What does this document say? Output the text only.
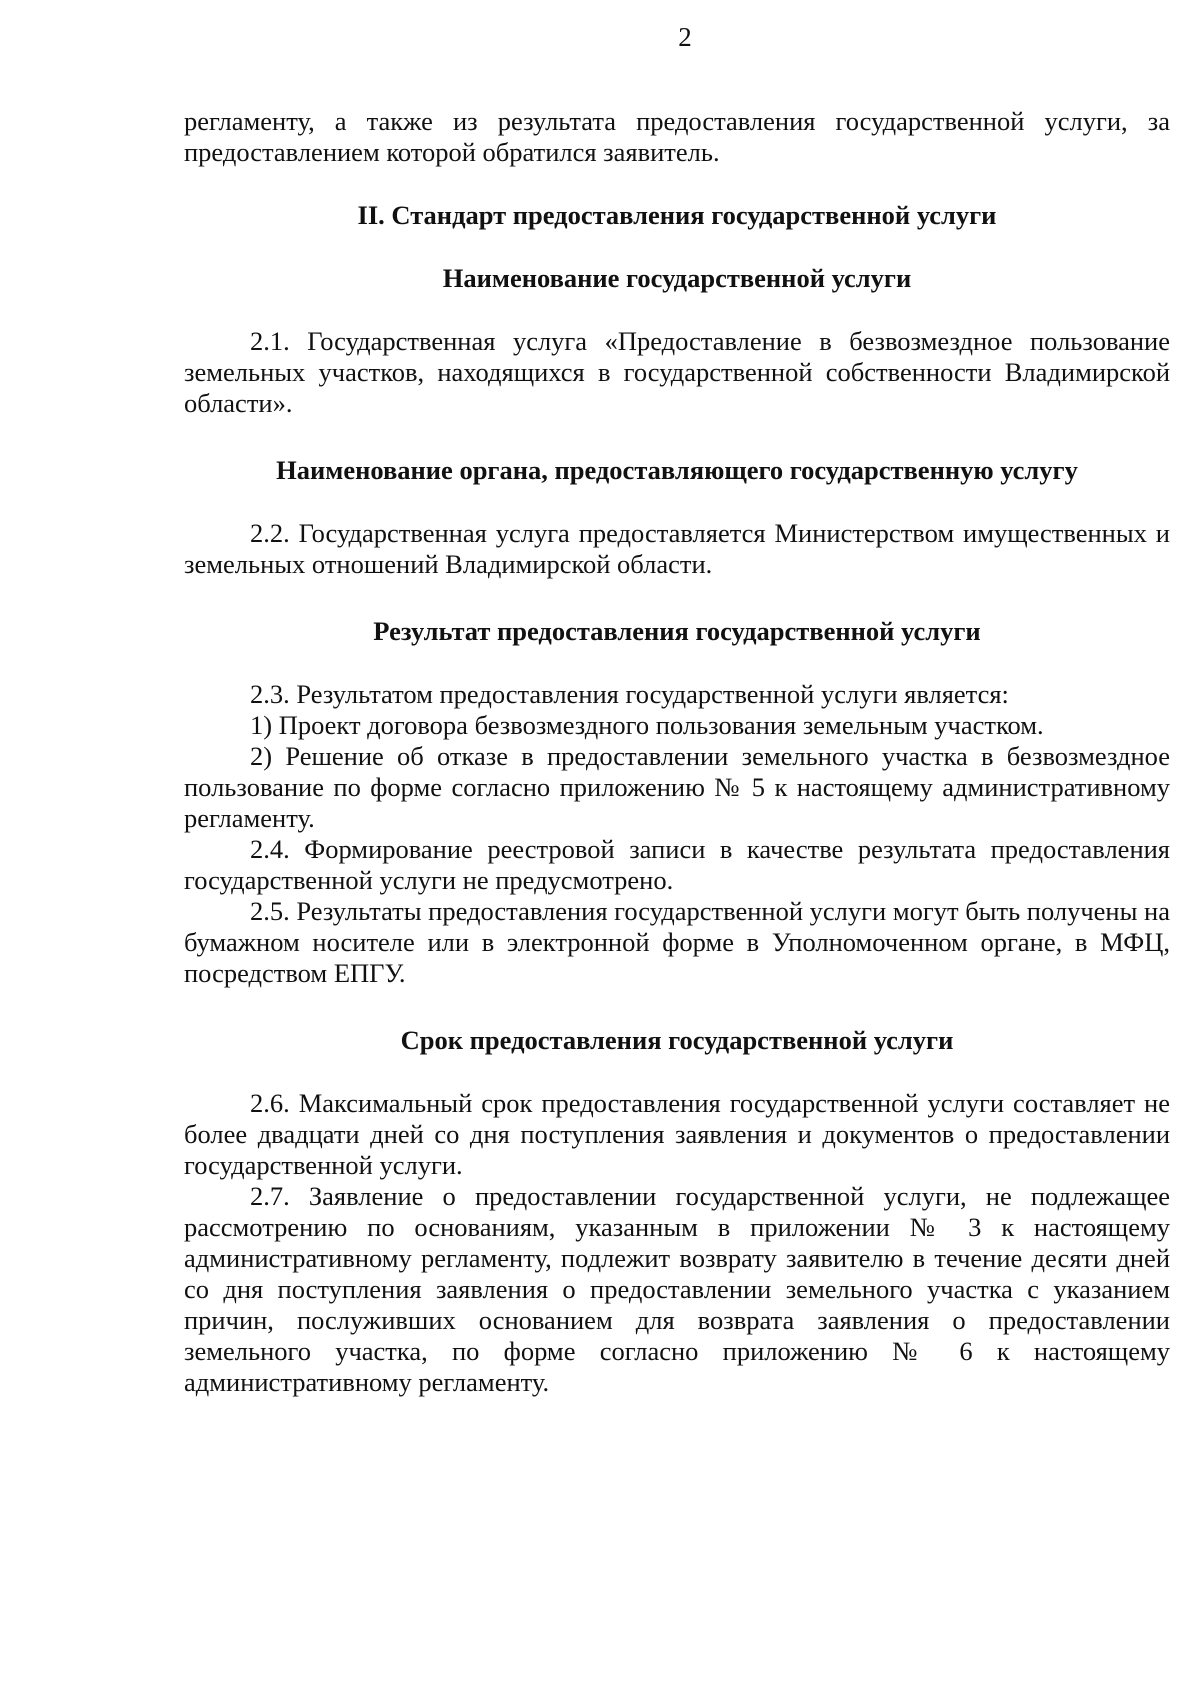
2

регламенту, а также из результата предоставления государственной услуги, за предоставлением которой обратился заявитель.

II. Стандарт предоставления государственной услуги
Наименование государственной услуги

2.1. Государственная услуга «Предоставление в безвозмездное пользование земельных участков, находящихся в государственной собственности Владимирской области».

Наименование органа, предоставляющего государственную услугу

2.2. Государственная услуга предоставляется Министерством имущественных и земельных отношений Владимирской области.

Результат предоставления государственной услуги

2.3. Результатом предоставления государственной услуги является:

1) Проект договора безвозмездного пользования земельным участком.

2) Решение об отказе в предоставлении земельного участка в безвозмездное пользование по форме согласно приложению № 5 к настоящему административному регламенту.

2.4. Формирование реестровой записи в качестве результата предоставления государственной услуги не предусмотрено.

2.5. Результаты предоставления государственной услуги могут быть получены на бумажном носителе или в электронной форме в Уполномоченном органе, в МФЦ, посредством ЕПГУ.

Срок предоставления государственной услуги

2.6. Максимальный срок предоставления государственной услуги составляет не более двадцати дней со дня поступления заявления и документов о предоставлении государственной услуги.

2.7. Заявление о предоставлении государственной услуги, не подлежащее рассмотрению по основаниям, указанным в приложении № 3 к настоящему административному регламенту, подлежит возврату заявителю в течение десяти дней со дня поступления заявления о предоставлении земельного участка с указанием причин, послуживших основанием для возврата заявления о предоставлении земельного участка, по форме согласно приложению № 6 к настоящему административному регламенту.
